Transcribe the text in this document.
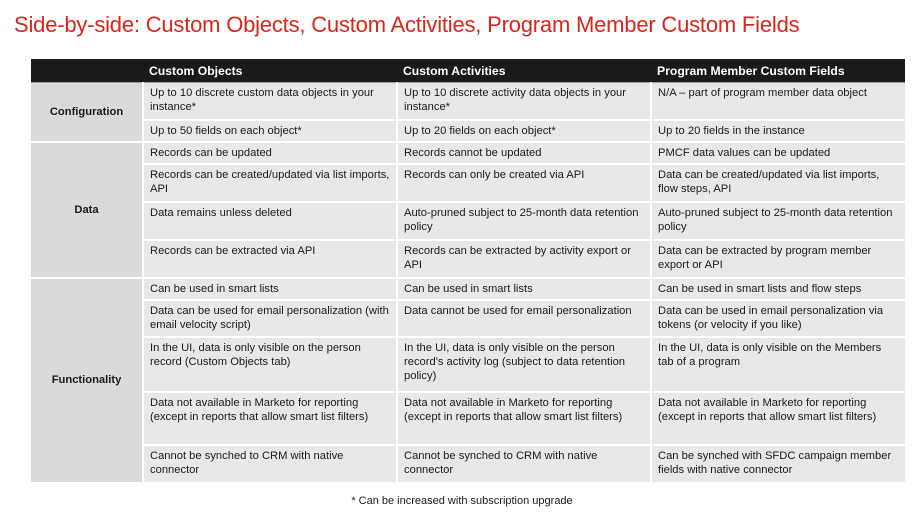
Side-by-side: Custom Objects, Custom Activities, Program Member Custom Fields
	Custom Objects	Custom Activities	Program Member Custom Fields
Configuration	Up to 10 discrete custom data objects in your instance*	Up to 10 discrete activity data objects in your instance*	N/A – part of program member data object
	Up to 50 fields on each object*	Up to 20 fields on each object*	Up to 20 fields in the instance
Data	Records can be updated	Records cannot be updated	PMCF data values can be updated
	Records can be created/updated via list imports, API	Records can only be created via API	Data can be created/updated via list imports, flow steps, API
	Data remains unless deleted	Auto-pruned subject to 25-month data retention policy	Auto-pruned subject to 25-month data retention policy
	Records can be extracted via API	Records can be extracted by activity export or API	Data can be extracted by program member export or API
Functionality	Can be used in smart lists	Can be used in smart lists	Can be used in smart lists and flow steps
	Data can be used for email personalization (with email velocity script)	Data cannot be used for email personalization	Data can be used in email personalization via tokens (or velocity if you like)
	In the UI, data is only visible on the person record (Custom Objects tab)	In the UI, data is only visible on the person record's activity log (subject to data retention policy)	In the UI, data is only visible on the Members tab of a program
	Data not available in Marketo for reporting (except in reports that allow smart list filters)	Data not available in Marketo for reporting (except in reports that allow smart list filters)	Data not available in Marketo for reporting (except in reports that allow smart list filters)
	Cannot be synched to CRM with native connector	Cannot be synched to CRM with native connector	Can be synched with SFDC campaign member fields with native connector
* Can be increased with subscription upgrade
